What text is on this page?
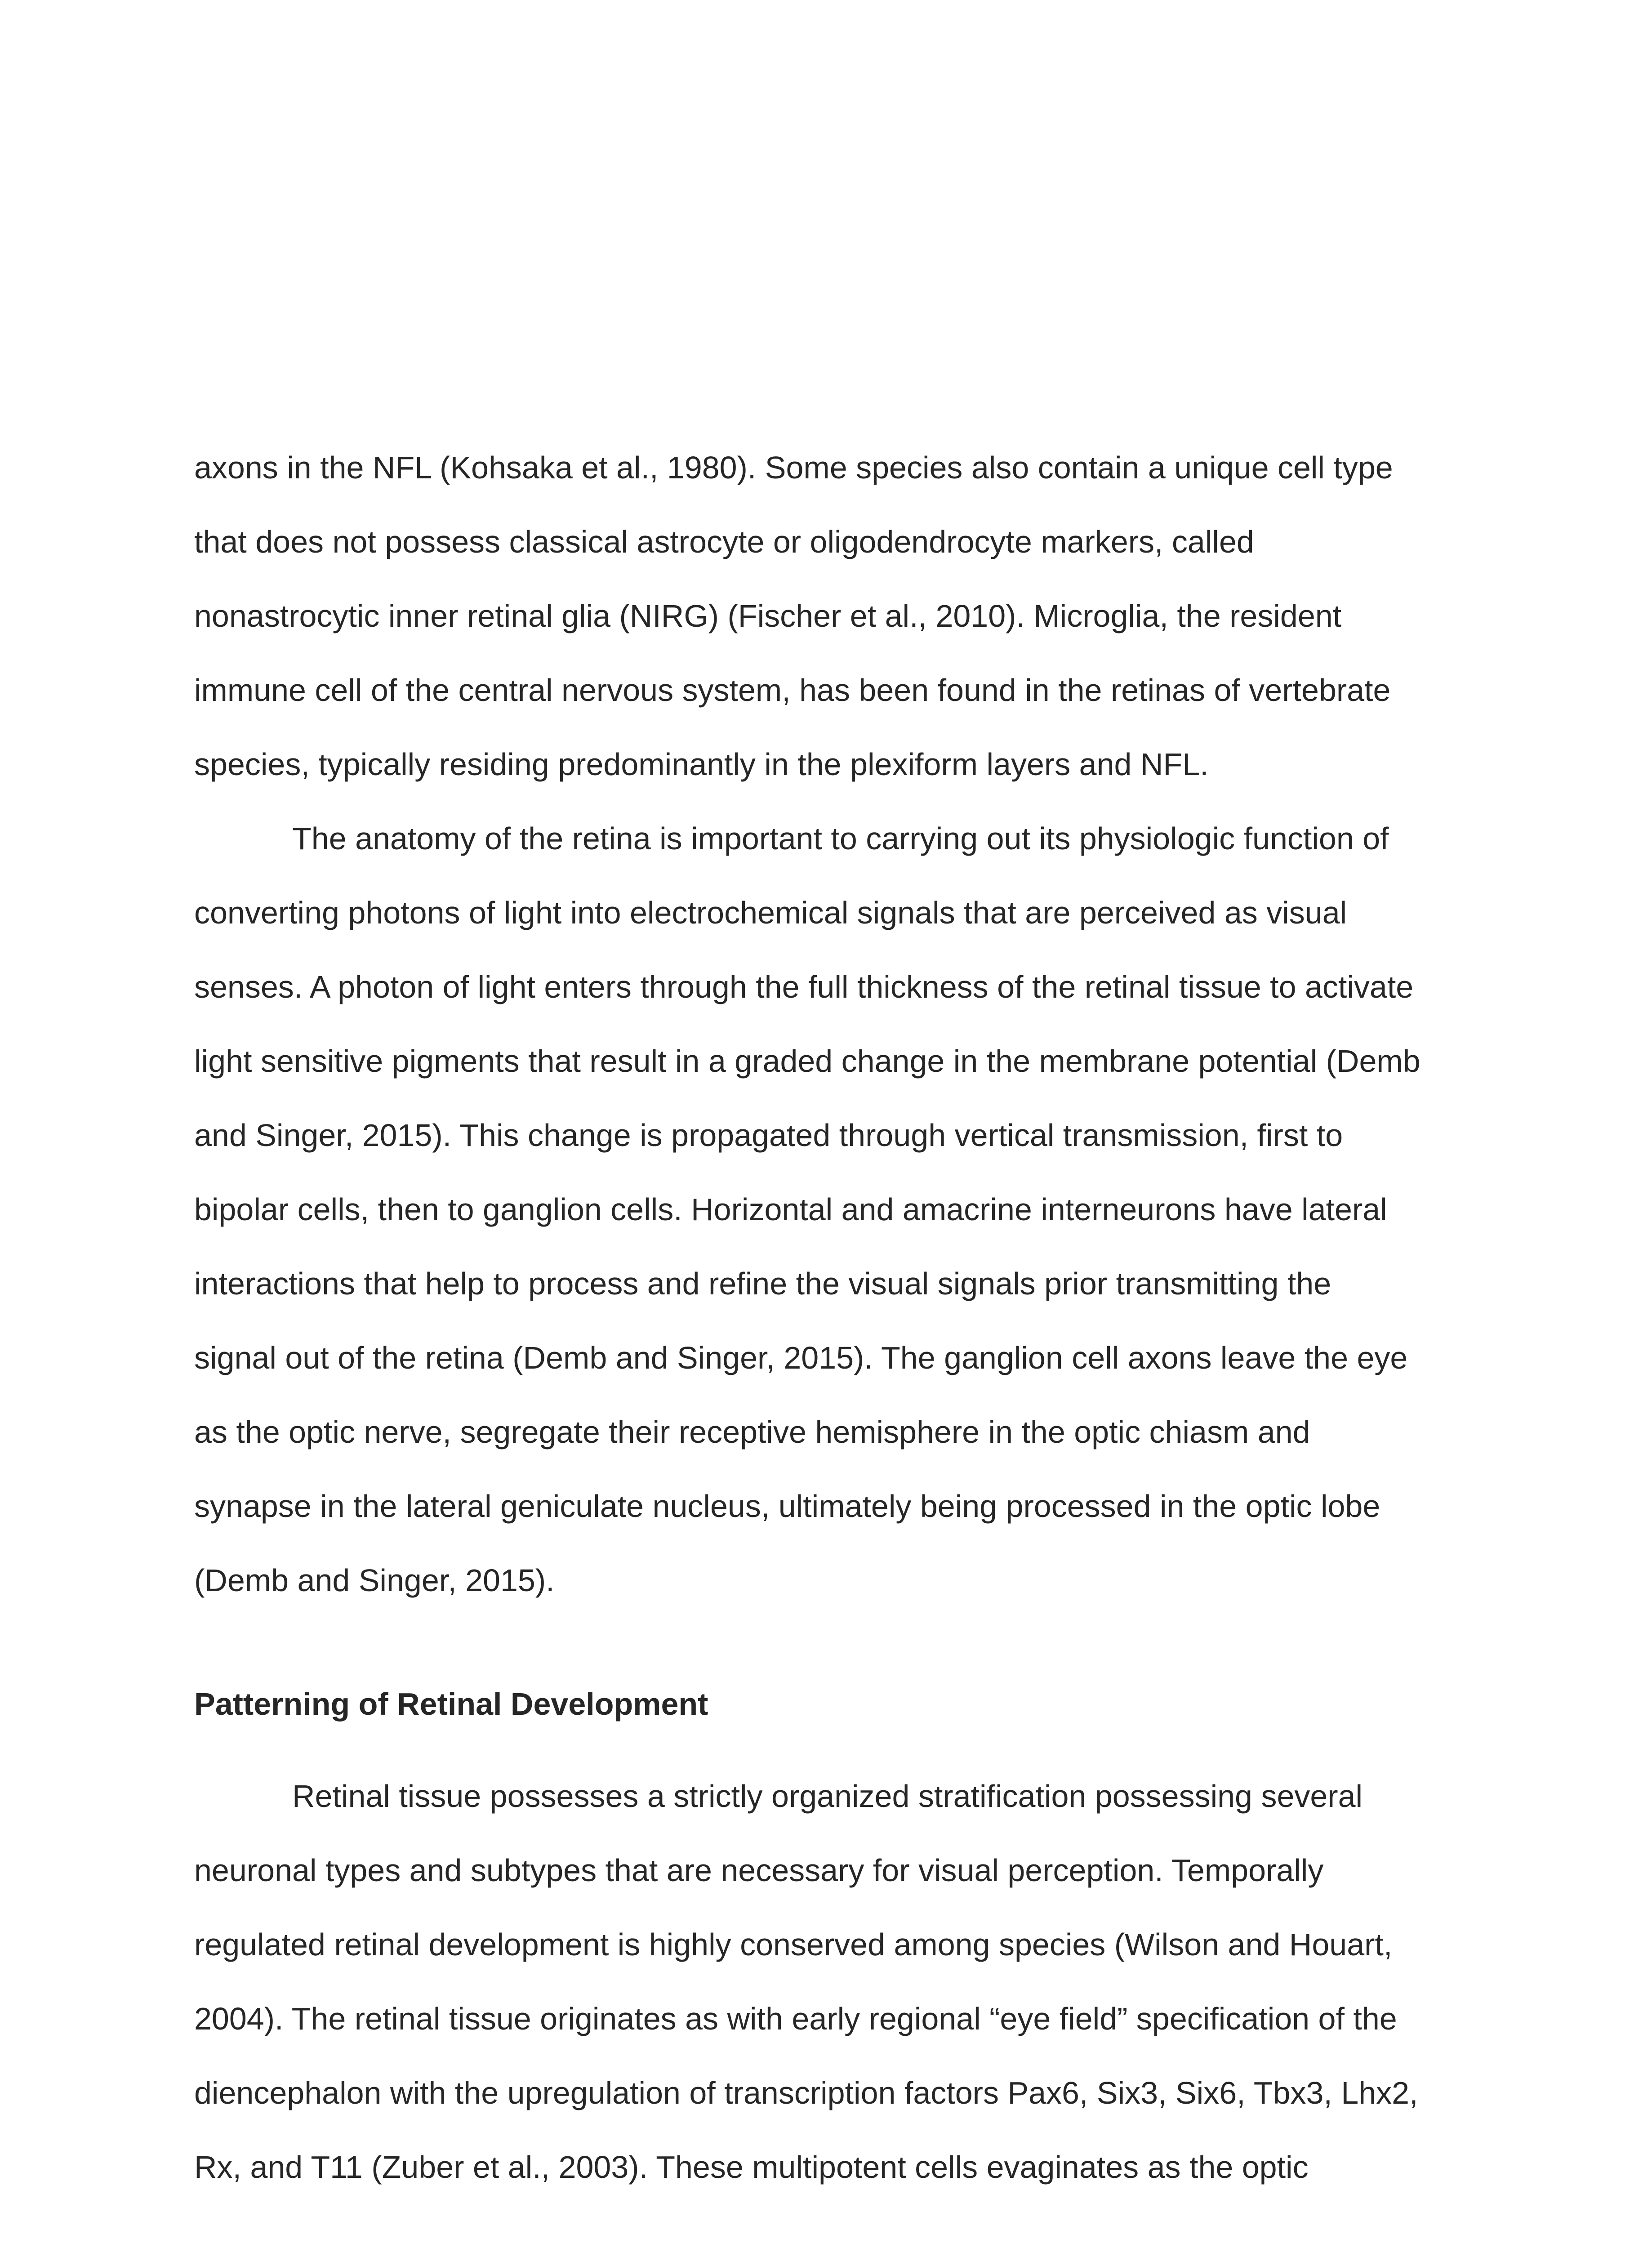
axons in the NFL (Kohsaka et al., 1980). Some species also contain a unique cell type
that does not possess classical astrocyte or oligodendrocyte markers, called
nonastrocytic inner retinal glia (NIRG) (Fischer et al., 2010). Microglia, the resident
immune cell of the central nervous system, has been found in the retinas of vertebrate
species, typically residing predominantly in the plexiform layers and NFL.
The anatomy of the retina is important to carrying out its physiologic function of
converting photons of light into electrochemical signals that are perceived as visual
senses. A photon of light enters through the full thickness of the retinal tissue to activate
light sensitive pigments that result in a graded change in the membrane potential (Demb
and Singer, 2015). This change is propagated through vertical transmission, first to
bipolar cells, then to ganglion cells. Horizontal and amacrine interneurons have lateral
interactions that help to process and refine the visual signals prior transmitting the
signal out of the retina (Demb and Singer, 2015). The ganglion cell axons leave the eye
as the optic nerve, segregate their receptive hemisphere in the optic chiasm and
synapse in the lateral geniculate nucleus, ultimately being processed in the optic lobe
(Demb and Singer, 2015).
Patterning of Retinal Development
Retinal tissue possesses a strictly organized stratification possessing several
neuronal types and subtypes that are necessary for visual perception. Temporally
regulated retinal development is highly conserved among species (Wilson and Houart,
2004). The retinal tissue originates as with early regional “eye field” specification of the
diencephalon with the upregulation of transcription factors Pax6, Six3, Six6, Tbx3, Lhx2,
Rx, and T11 (Zuber et al., 2003). These multipotent cells evaginates as the optic
